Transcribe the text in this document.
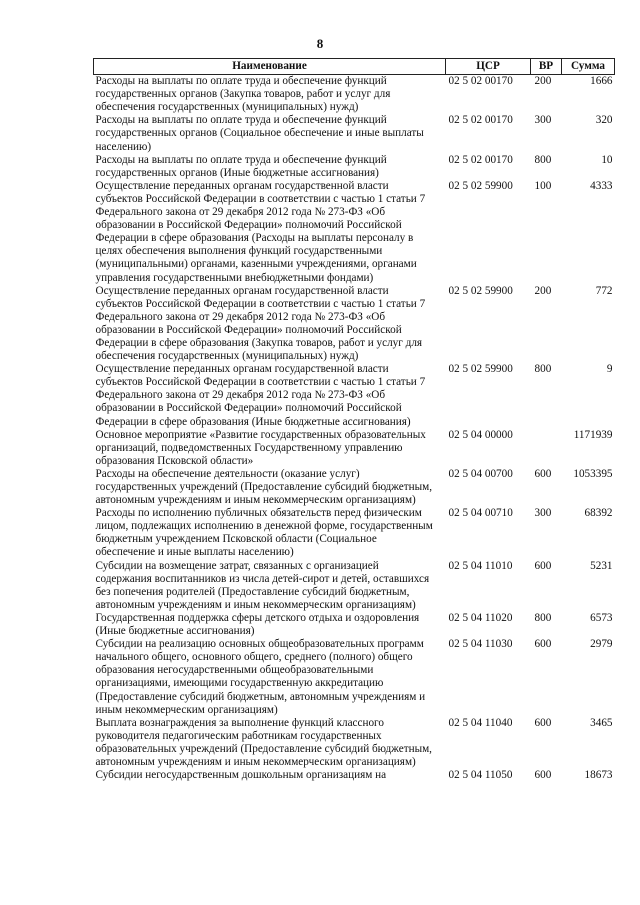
8
Наименование	ЦСР	ВР	Сумма
Расходы на выплаты по оплате труда и обеспечение функций государственных органов (Закупка товаров, работ и услуг для обеспечения государственных (муниципальных) нужд)	02 5 02 00170	200	1666
Расходы на выплаты по оплате труда и обеспечение функций государственных органов (Социальное обеспечение и иные выплаты населению)	02 5 02 00170	300	320
Расходы на выплаты по оплате труда и обеспечение функций государственных органов (Иные бюджетные ассигнования)	02 5 02 00170	800	10
Осуществление переданных органам государственной власти субъектов Российской Федерации в соответствии с частью 1 статьи 7 Федерального закона от 29 декабря 2012 года № 273-ФЗ «Об образовании в Российской Федерации» полномочий Российской Федерации в сфере образования (Расходы на выплаты персоналу в целях обеспечения выполнения функций государственными (муниципальными) органами, казенными учреждениями, органами управления государственными внебюджетными фондами)	02 5 02 59900	100	4333
Осуществление переданных органам государственной власти субъектов Российской Федерации в соответствии с частью 1 статьи 7 Федерального закона от 29 декабря 2012 года № 273-ФЗ «Об образовании в Российской Федерации» полномочий Российской Федерации в сфере образования (Закупка товаров, работ и услуг для обеспечения государственных (муниципальных) нужд)	02 5 02 59900	200	772
Осуществление переданных органам государственной власти субъектов Российской Федерации в соответствии с частью 1 статьи 7 Федерального закона от 29 декабря 2012 года № 273-ФЗ «Об образовании в Российской Федерации» полномочий Российской Федерации в сфере образования (Иные бюджетные ассигнования)	02 5 02 59900	800	9
Основное мероприятие «Развитие государственных образовательных организаций, подведомственных Государственному управлению образования Псковской области»	02 5 04 00000		1171939
Расходы на обеспечение деятельности (оказание услуг) государственных учреждений (Предоставление субсидий бюджетным, автономным учреждениям и иным некоммерческим организациям)	02 5 04 00700	600	1053395
Расходы по исполнению публичных обязательств перед физическим лицом, подлежащих исполнению в денежной форме, государственным бюджетным учреждением Псковской области (Социальное обеспечение и иные выплаты населению)	02 5 04 00710	300	68392
Субсидии на возмещение затрат, связанных с организацией содержания воспитанников из числа детей-сирот и детей, оставшихся без попечения родителей (Предоставление субсидий бюджетным, автономным учреждениям и иным некоммерческим организациям)	02 5 04 11010	600	5231
Государственная поддержка сферы детского отдыха и оздоровления (Иные бюджетные ассигнования)	02 5 04 11020	800	6573
Субсидии на реализацию основных общеобразовательных программ начального общего, основного общего, среднего (полного) общего образования негосударственными общеобразовательными организациями, имеющими государственную аккредитацию (Предоставление субсидий бюджетным, автономным учреждениям и иным некоммерческим организациям)	02 5 04 11030	600	2979
Выплата вознаграждения за выполнение функций классного руководителя педагогическим работникам государственных образовательных учреждений (Предоставление субсидий бюджетным, автономным учреждениям и иным некоммерческим организациям)	02 5 04 11040	600	3465
Субсидии негосударственным дошкольным организациям на	02 5 04 11050	600	18673
